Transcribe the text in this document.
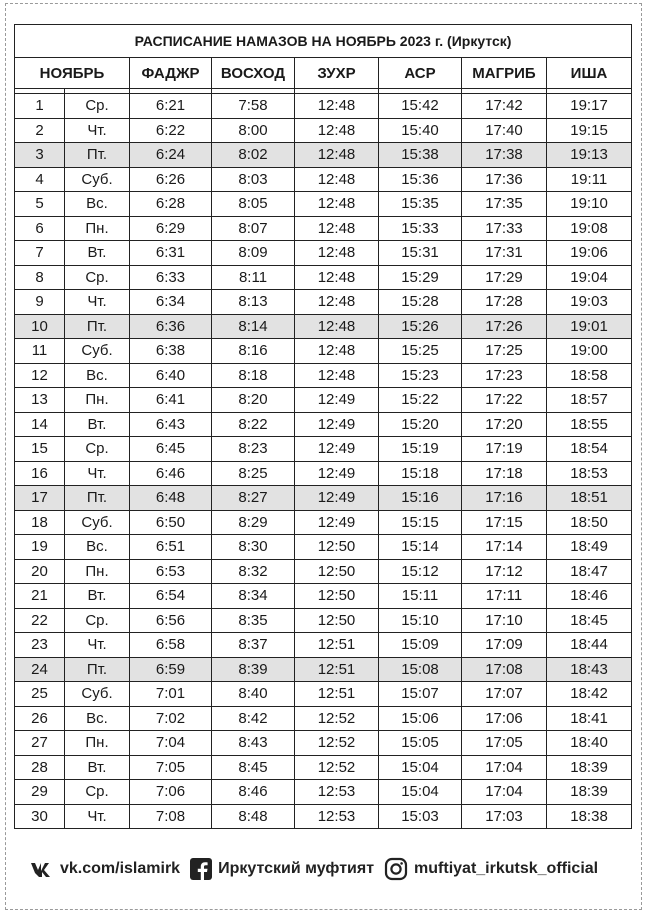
РАСПИСАНИЕ НАМАЗОВ НА НОЯБРЬ 2023 г. (Иркутск)							
НОЯБРЬ		ФАДЖР	ВОСХОД	ЗУХР	АСР	МАГРИБ	ИША

1	Ср.	6:21	7:58	12:48	15:42	17:42	19:17
2	Чт.	6:22	8:00	12:48	15:40	17:40	19:15
3	Пт.	6:24	8:02	12:48	15:38	17:38	19:13
4	Суб.	6:26	8:03	12:48	15:36	17:36	19:11
5	Вс.	6:28	8:05	12:48	15:35	17:35	19:10
6	Пн.	6:29	8:07	12:48	15:33	17:33	19:08
7	Вт.	6:31	8:09	12:48	15:31	17:31	19:06
8	Ср.	6:33	8:11	12:48	15:29	17:29	19:04
9	Чт.	6:34	8:13	12:48	15:28	17:28	19:03
10	Пт.	6:36	8:14	12:48	15:26	17:26	19:01
11	Суб.	6:38	8:16	12:48	15:25	17:25	19:00
12	Вс.	6:40	8:18	12:48	15:23	17:23	18:58
13	Пн.	6:41	8:20	12:49	15:22	17:22	18:57
14	Вт.	6:43	8:22	12:49	15:20	17:20	18:55
15	Ср.	6:45	8:23	12:49	15:19	17:19	18:54
16	Чт.	6:46	8:25	12:49	15:18	17:18	18:53
17	Пт.	6:48	8:27	12:49	15:16	17:16	18:51
18	Суб.	6:50	8:29	12:49	15:15	17:15	18:50
19	Вс.	6:51	8:30	12:50	15:14	17:14	18:49
20	Пн.	6:53	8:32	12:50	15:12	17:12	18:47
21	Вт.	6:54	8:34	12:50	15:11	17:11	18:46
22	Ср.	6:56	8:35	12:50	15:10	17:10	18:45
23	Чт.	6:58	8:37	12:51	15:09	17:09	18:44
24	Пт.	6:59	8:39	12:51	15:08	17:08	18:43
25	Суб.	7:01	8:40	12:51	15:07	17:07	18:42
26	Вс.	7:02	8:42	12:52	15:06	17:06	18:41
27	Пн.	7:04	8:43	12:52	15:05	17:05	18:40
28	Вт.	7:05	8:45	12:52	15:04	17:04	18:39
29	Ср.	7:06	8:46	12:53	15:04	17:04	18:39
30	Чт.	7:08	8:48	12:53	15:03	17:03	18:38
vk.com/islamirk Иркутский муфтият	muftiyat_irkutsk_official
